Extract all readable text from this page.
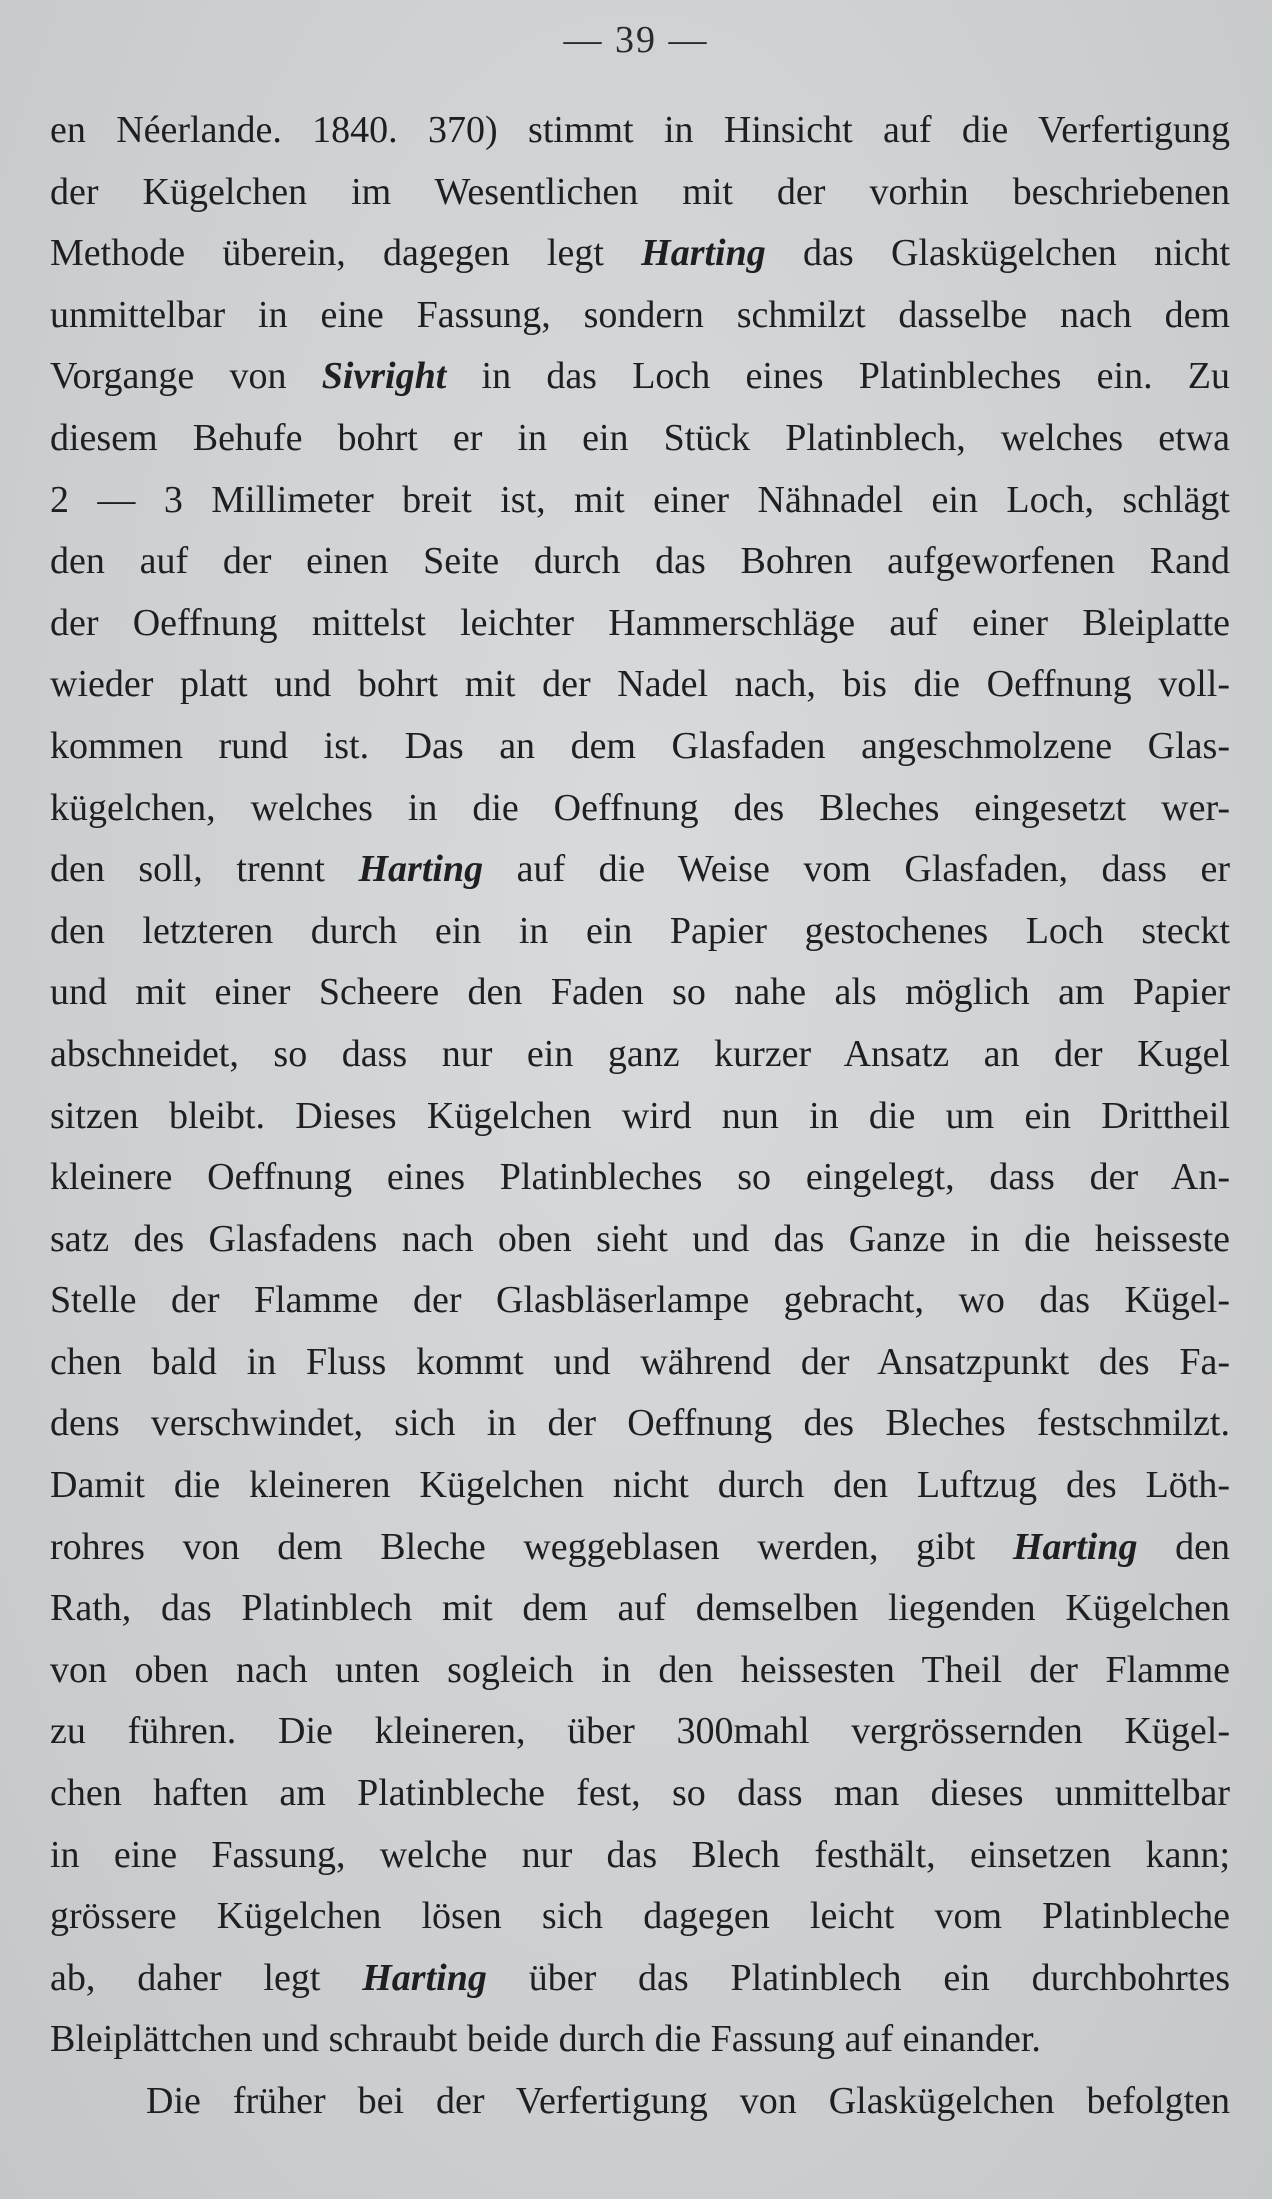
— 39 —
en Néerlande. 1840. 370) stimmt in Hinsicht auf die Verfertigung
der Kügelchen im Wesentlichen mit der vorhin beschriebenen
Methode überein, dagegen legt Harting das Glaskügelchen nicht
unmittelbar in eine Fassung, sondern schmilzt dasselbe nach dem
Vorgange von Sivright in das Loch eines Platinbleches ein. Zu
diesem Behufe bohrt er in ein Stück Platinblech, welches etwa
2 — 3 Millimeter breit ist, mit einer Nähnadel ein Loch, schlägt
den auf der einen Seite durch das Bohren aufgeworfenen Rand
der Oeffnung mittelst leichter Hammerschläge auf einer Bleiplatte
wieder platt und bohrt mit der Nadel nach, bis die Oeffnung voll-
kommen rund ist. Das an dem Glasfaden angeschmolzene Glas-
kügelchen, welches in die Oeffnung des Bleches eingesetzt wer-
den soll, trennt Harting auf die Weise vom Glasfaden, dass er
den letzteren durch ein in ein Papier gestochenes Loch steckt
und mit einer Scheere den Faden so nahe als möglich am Papier
abschneidet, so dass nur ein ganz kurzer Ansatz an der Kugel
sitzen bleibt. Dieses Kügelchen wird nun in die um ein Drittheil
kleinere Oeffnung eines Platinbleches so eingelegt, dass der An-
satz des Glasfadens nach oben sieht und das Ganze in die heisseste
Stelle der Flamme der Glasbläserlampe gebracht, wo das Kügel-
chen bald in Fluss kommt und während der Ansatzpunkt des Fa-
dens verschwindet, sich in der Oeffnung des Bleches festschmilzt.
Damit die kleineren Kügelchen nicht durch den Luftzug des Löth-
rohres von dem Bleche weggeblasen werden, gibt Harting den
Rath, das Platinblech mit dem auf demselben liegenden Kügelchen
von oben nach unten sogleich in den heissesten Theil der Flamme
zu führen. Die kleineren, über 300mahl vergrössernden Kügel-
chen haften am Platinbleche fest, so dass man dieses unmittelbar
in eine Fassung, welche nur das Blech festhält, einsetzen kann;
grössere Kügelchen lösen sich dagegen leicht vom Platinbleche
ab, daher legt Harting über das Platinblech ein durchbohrtes
Bleiplättchen und schraubt beide durch die Fassung auf einander.
Die früher bei der Verfertigung von Glaskügelchen befolgten
